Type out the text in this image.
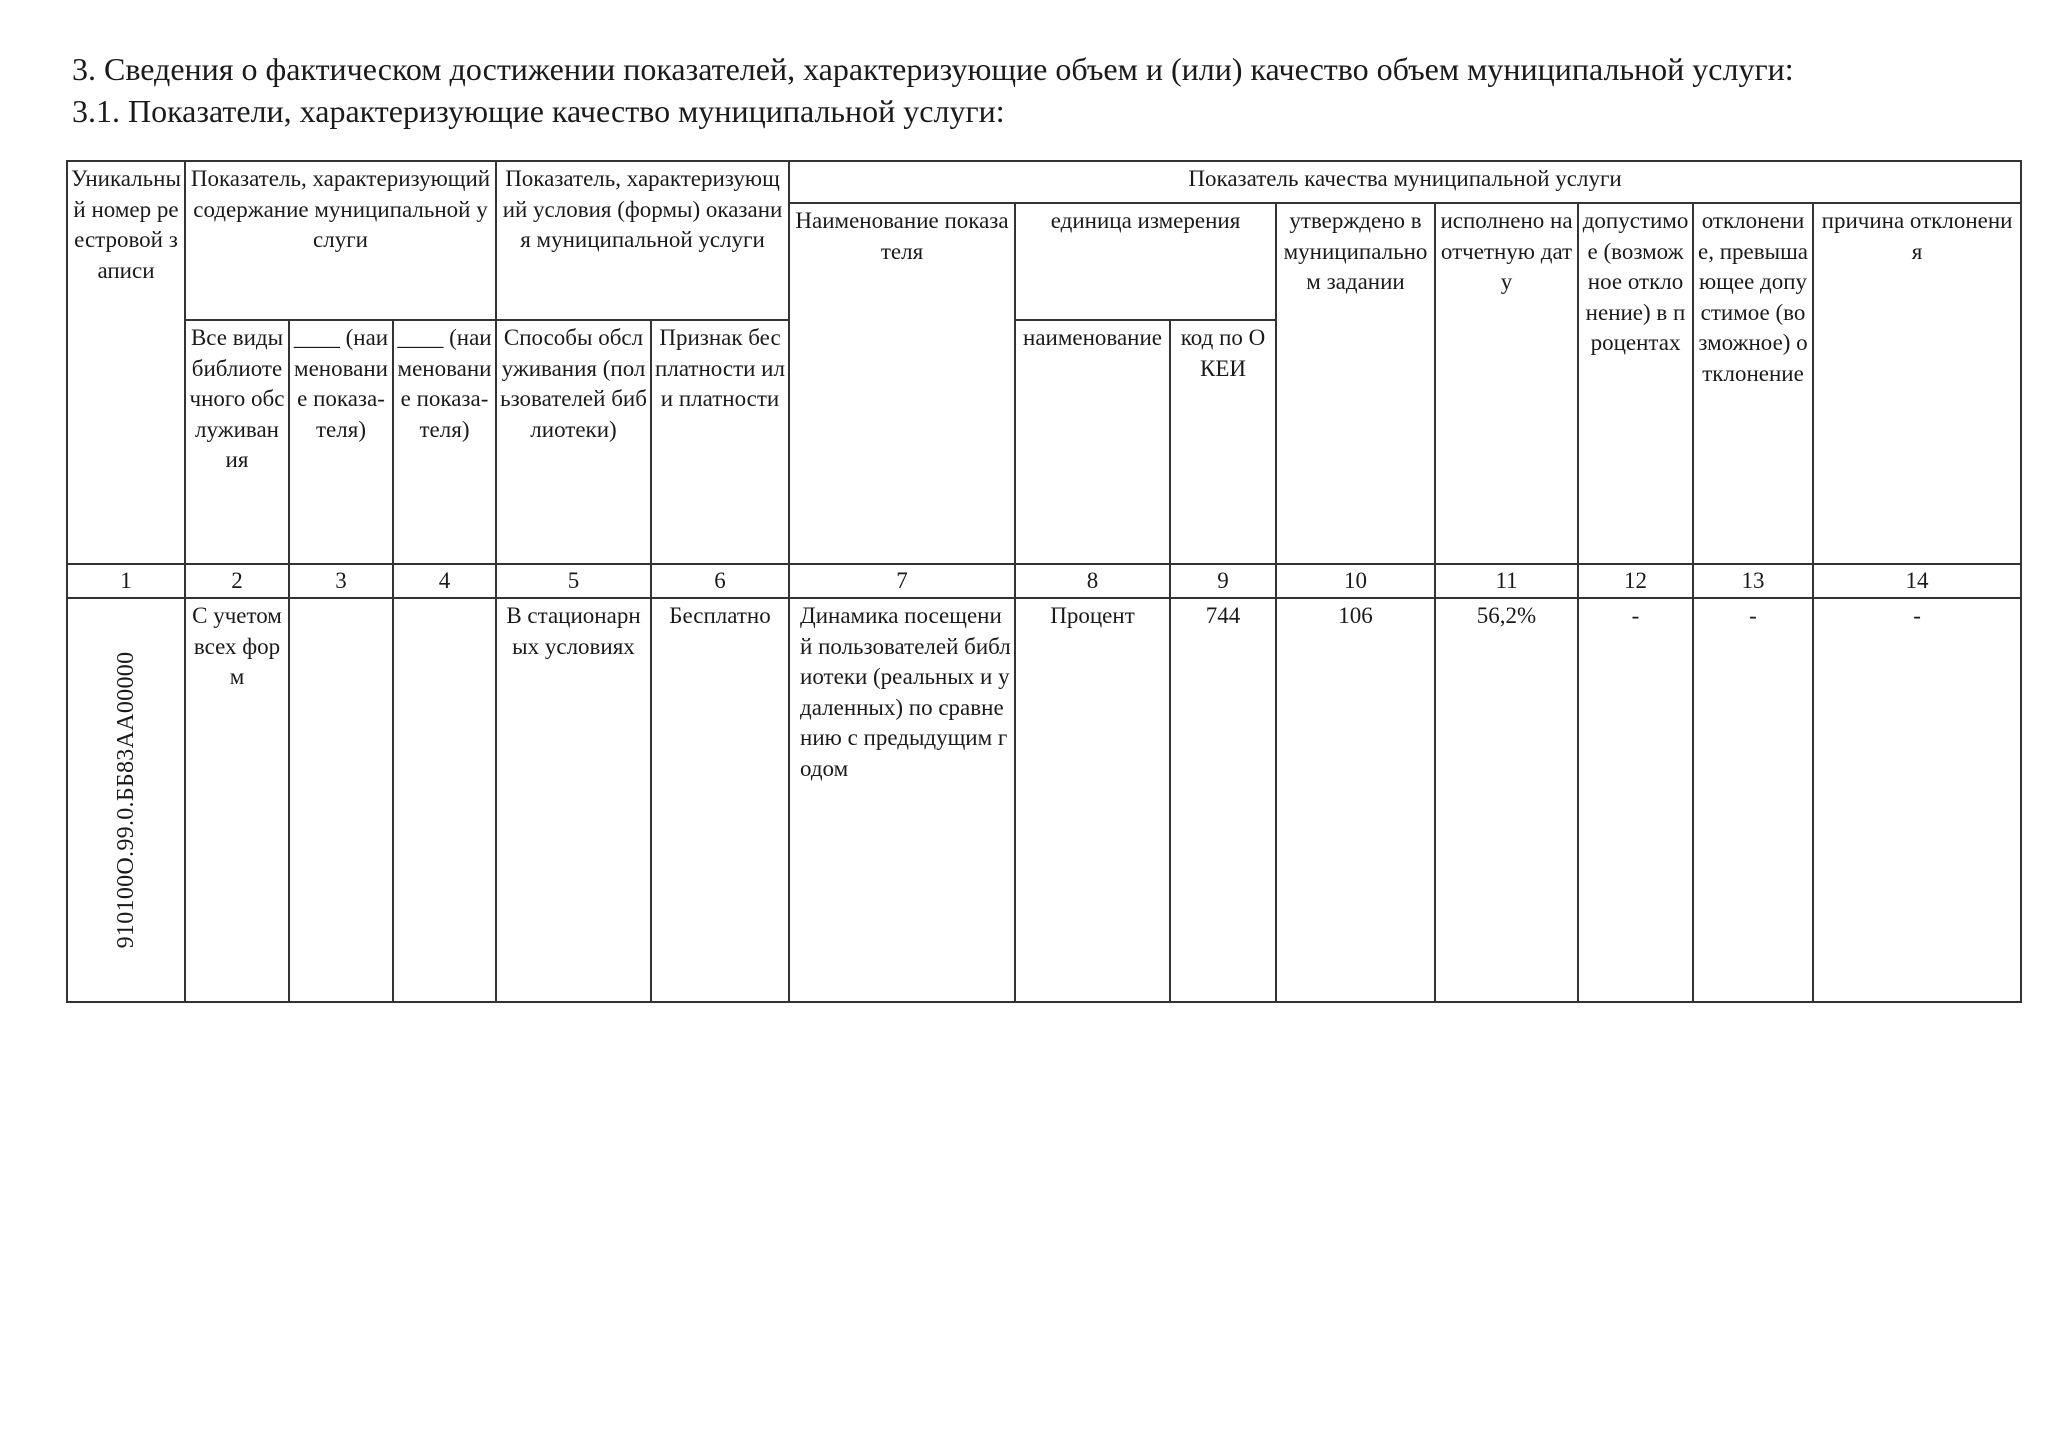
3. Сведения о фактическом достижении показателей, характеризующие объем и (или) качество объем муниципальной услуги:
3.1. Показатели, характеризующие качество муниципальной услуги:
Уникальный номер реестровой записи	Показатель, характеризующий содержание муниципальной услуги			Показатель, характеризующий условия (формы) оказания муниципальной услуги		Показатель качества муниципальной услуги							
						Наименование показателя	единица измерения		утверждено в муниципальном задании	исполнено на отчетную дату	допустимое (возможное отклонение) в процентах	отклонение, превышающее допустимое (возможное) отклонение	причина отклонения
	Все виды библиотечного обслуживания	____ (наименование показа-теля)	____ (наименование показа-теля)	Способы обслуживания (пользователей библиотеки)	Признак бесплатности или платности		наименование	код по ОКЕИ					
1	2	3	4	5	6	7	8	9	10	11	12	13	14

910100О.99.0.ББ83АА00000	С учетом всех форм			В стационарных условиях	Бесплатно	Динамика посещений пользователей библиотеки (реальных и удаленных) по сравнению с предыдущим годом	Процент	744	106	56,2%	-	-	-
